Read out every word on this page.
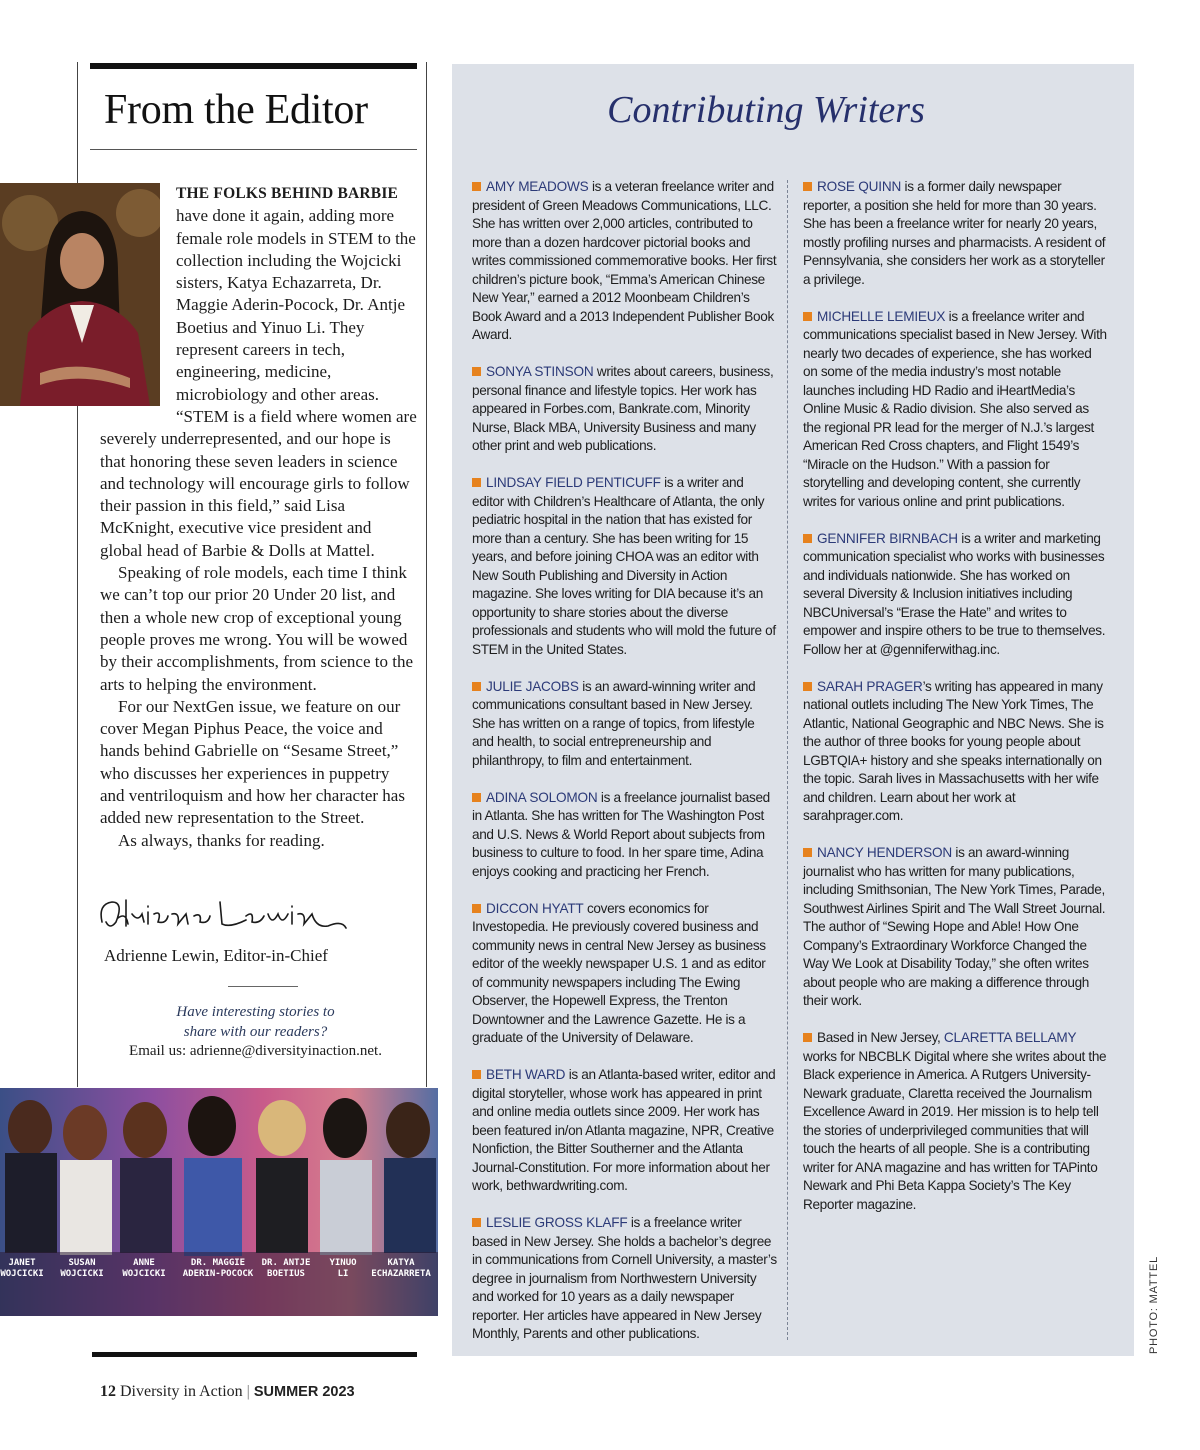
From the Editor

THE FOLKS BEHIND BARBIE have done it again, adding more female role models in STEM to the collection including the Wojcicki sisters, Katya Echazarreta, Dr. Maggie Aderin-Pocock, Dr. Antje Boetius and Yinuo Li. They represent careers in tech, engineering, medicine, microbiology and other areas. “STEM is a field where women are severely underrepresented, and our hope is that honoring these seven leaders in science and technology will encourage girls to follow their passion in this field,” said Lisa McKnight, executive vice president and global head of Barbie & Dolls at Mattel.

Speaking of role models, each time I think we can’t top our prior 20 Under 20 list, and then a whole new crop of exceptional young people proves me wrong. You will be wowed by their accomplishments, from science to the arts to helping the environment.

For our NextGen issue, we feature on our cover Megan Piphus Peace, the voice and hands behind Gabrielle on “Sesame Street,” who discusses her experiences in puppetry and ventriloquism and how her character has added new representation to the Street.

As always, thanks for reading.

Adrienne Lewin, Editor-in-Chief
Have interesting stories to
share with our readers?
Email us: adrienne@diversityinaction.net.
JANET
WOJCICKI
SUSAN
WOJCICKI
ANNE
WOJCICKI
DR. MAGGIE
ADERIN-POCOCK
DR. ANTJE
BOETIUS
YINUO
LI
KATYA
ECHAZARRETA
12 Diversity in Action | SUMMER 2023
Contributing Writers

AMY MEADOWS is a veteran freelance writer and president of Green Meadows Communications, LLC. She has written over 2,000 articles, contributed to more than a dozen hardcover pictorial books and writes commissioned commemorative books. Her first children’s picture book, “Emma’s American Chinese New Year,” earned a 2012 Moonbeam Children’s Book Award and a 2013 Independent Publisher Book Award.

SONYA STINSON writes about careers, business, personal finance and lifestyle topics. Her work has appeared in Forbes.com, Bankrate.com, Minority Nurse, Black MBA, University Business and many other print and web publications.

LINDSAY FIELD PENTICUFF is a writer and editor with Children’s Healthcare of Atlanta, the only pediatric hospital in the nation that has existed for more than a century. She has been writing for 15 years, and before joining CHOA was an editor with New South Publishing and Diversity in Action magazine. She loves writing for DIA because it’s an opportunity to share stories about the diverse professionals and students who will mold the future of STEM in the United States.

JULIE JACOBS is an award-winning writer and communications consultant based in New Jersey. She has written on a range of topics, from lifestyle and health, to social entrepreneurship and philanthropy, to film and entertainment.

ADINA SOLOMON is a freelance journalist based in Atlanta. She has written for The Washington Post and U.S. News & World Report about subjects from business to culture to food. In her spare time, Adina enjoys cooking and practicing her French.

DICCON HYATT covers economics for Investopedia. He previously covered business and community news in central New Jersey as business editor of the weekly newspaper U.S. 1 and as editor of community newspapers including The Ewing Observer, the Hopewell Express, the Trenton Downtowner and the Lawrence Gazette. He is a graduate of the University of Delaware.

BETH WARD is an Atlanta-based writer, editor and digital storyteller, whose work has appeared in print and online media outlets since 2009. Her work has been featured in/on Atlanta magazine, NPR, Creative Nonfiction, the Bitter Southerner and the Atlanta Journal-Constitution. For more information about her work, bethwardwriting.com.

LESLIE GROSS KLAFF is a freelance writer based in New Jersey. She holds a bachelor’s degree in communications from Cornell University, a master’s degree in journalism from Northwestern University and worked for 10 years as a daily newspaper reporter. Her articles have appeared in New Jersey Monthly, Parents and other publications.

ROSE QUINN is a former daily newspaper reporter, a position she held for more than 30 years. She has been a freelance writer for nearly 20 years, mostly profiling nurses and pharmacists. A resident of Pennsylvania, she considers her work as a storyteller a privilege.

MICHELLE LEMIEUX is a freelance writer and communications specialist based in New Jersey. With nearly two decades of experience, she has worked on some of the media industry’s most notable launches including HD Radio and iHeartMedia’s Online Music & Radio division. She also served as the regional PR lead for the merger of N.J.’s largest American Red Cross chapters, and Flight 1549’s “Miracle on the Hudson.” With a passion for storytelling and developing content, she currently writes for various online and print publications.

GENNIFER BIRNBACH is a writer and marketing communication specialist who works with businesses and individuals nationwide. She has worked on several Diversity & Inclusion initiatives including NBCUniversal’s “Erase the Hate” and writes to empower and inspire others to be true to themselves. Follow her at @genniferwithag.inc.

SARAH PRAGER’s writing has appeared in many national outlets including The New York Times, The Atlantic, National Geographic and NBC News. She is the author of three books for young people about LGBTQIA+ history and she speaks internationally on the topic. Sarah lives in Massachusetts with her wife and children. Learn about her work at sarahprager.com.

NANCY HENDERSON is an award-winning journalist who has written for many publications, including Smithsonian, The New York Times, Parade, Southwest Airlines Spirit and The Wall Street Journal. The author of “Sewing Hope and Able! How One Company’s Extraordinary Workforce Changed the Way We Look at Disability Today,” she often writes about people who are making a difference through their work.

Based in New Jersey, CLARETTA BELLAMY works for NBCBLK Digital where she writes about the Black experience in America. A Rutgers University-Newark graduate, Claretta received the Journalism Excellence Award in 2019. Her mission is to help tell the stories of underprivileged communities that will touch the hearts of all people. She is a contributing writer for ANA magazine and has written for TAPinto Newark and Phi Beta Kappa Society’s The Key Reporter magazine.

PHOTO: MATTEL
